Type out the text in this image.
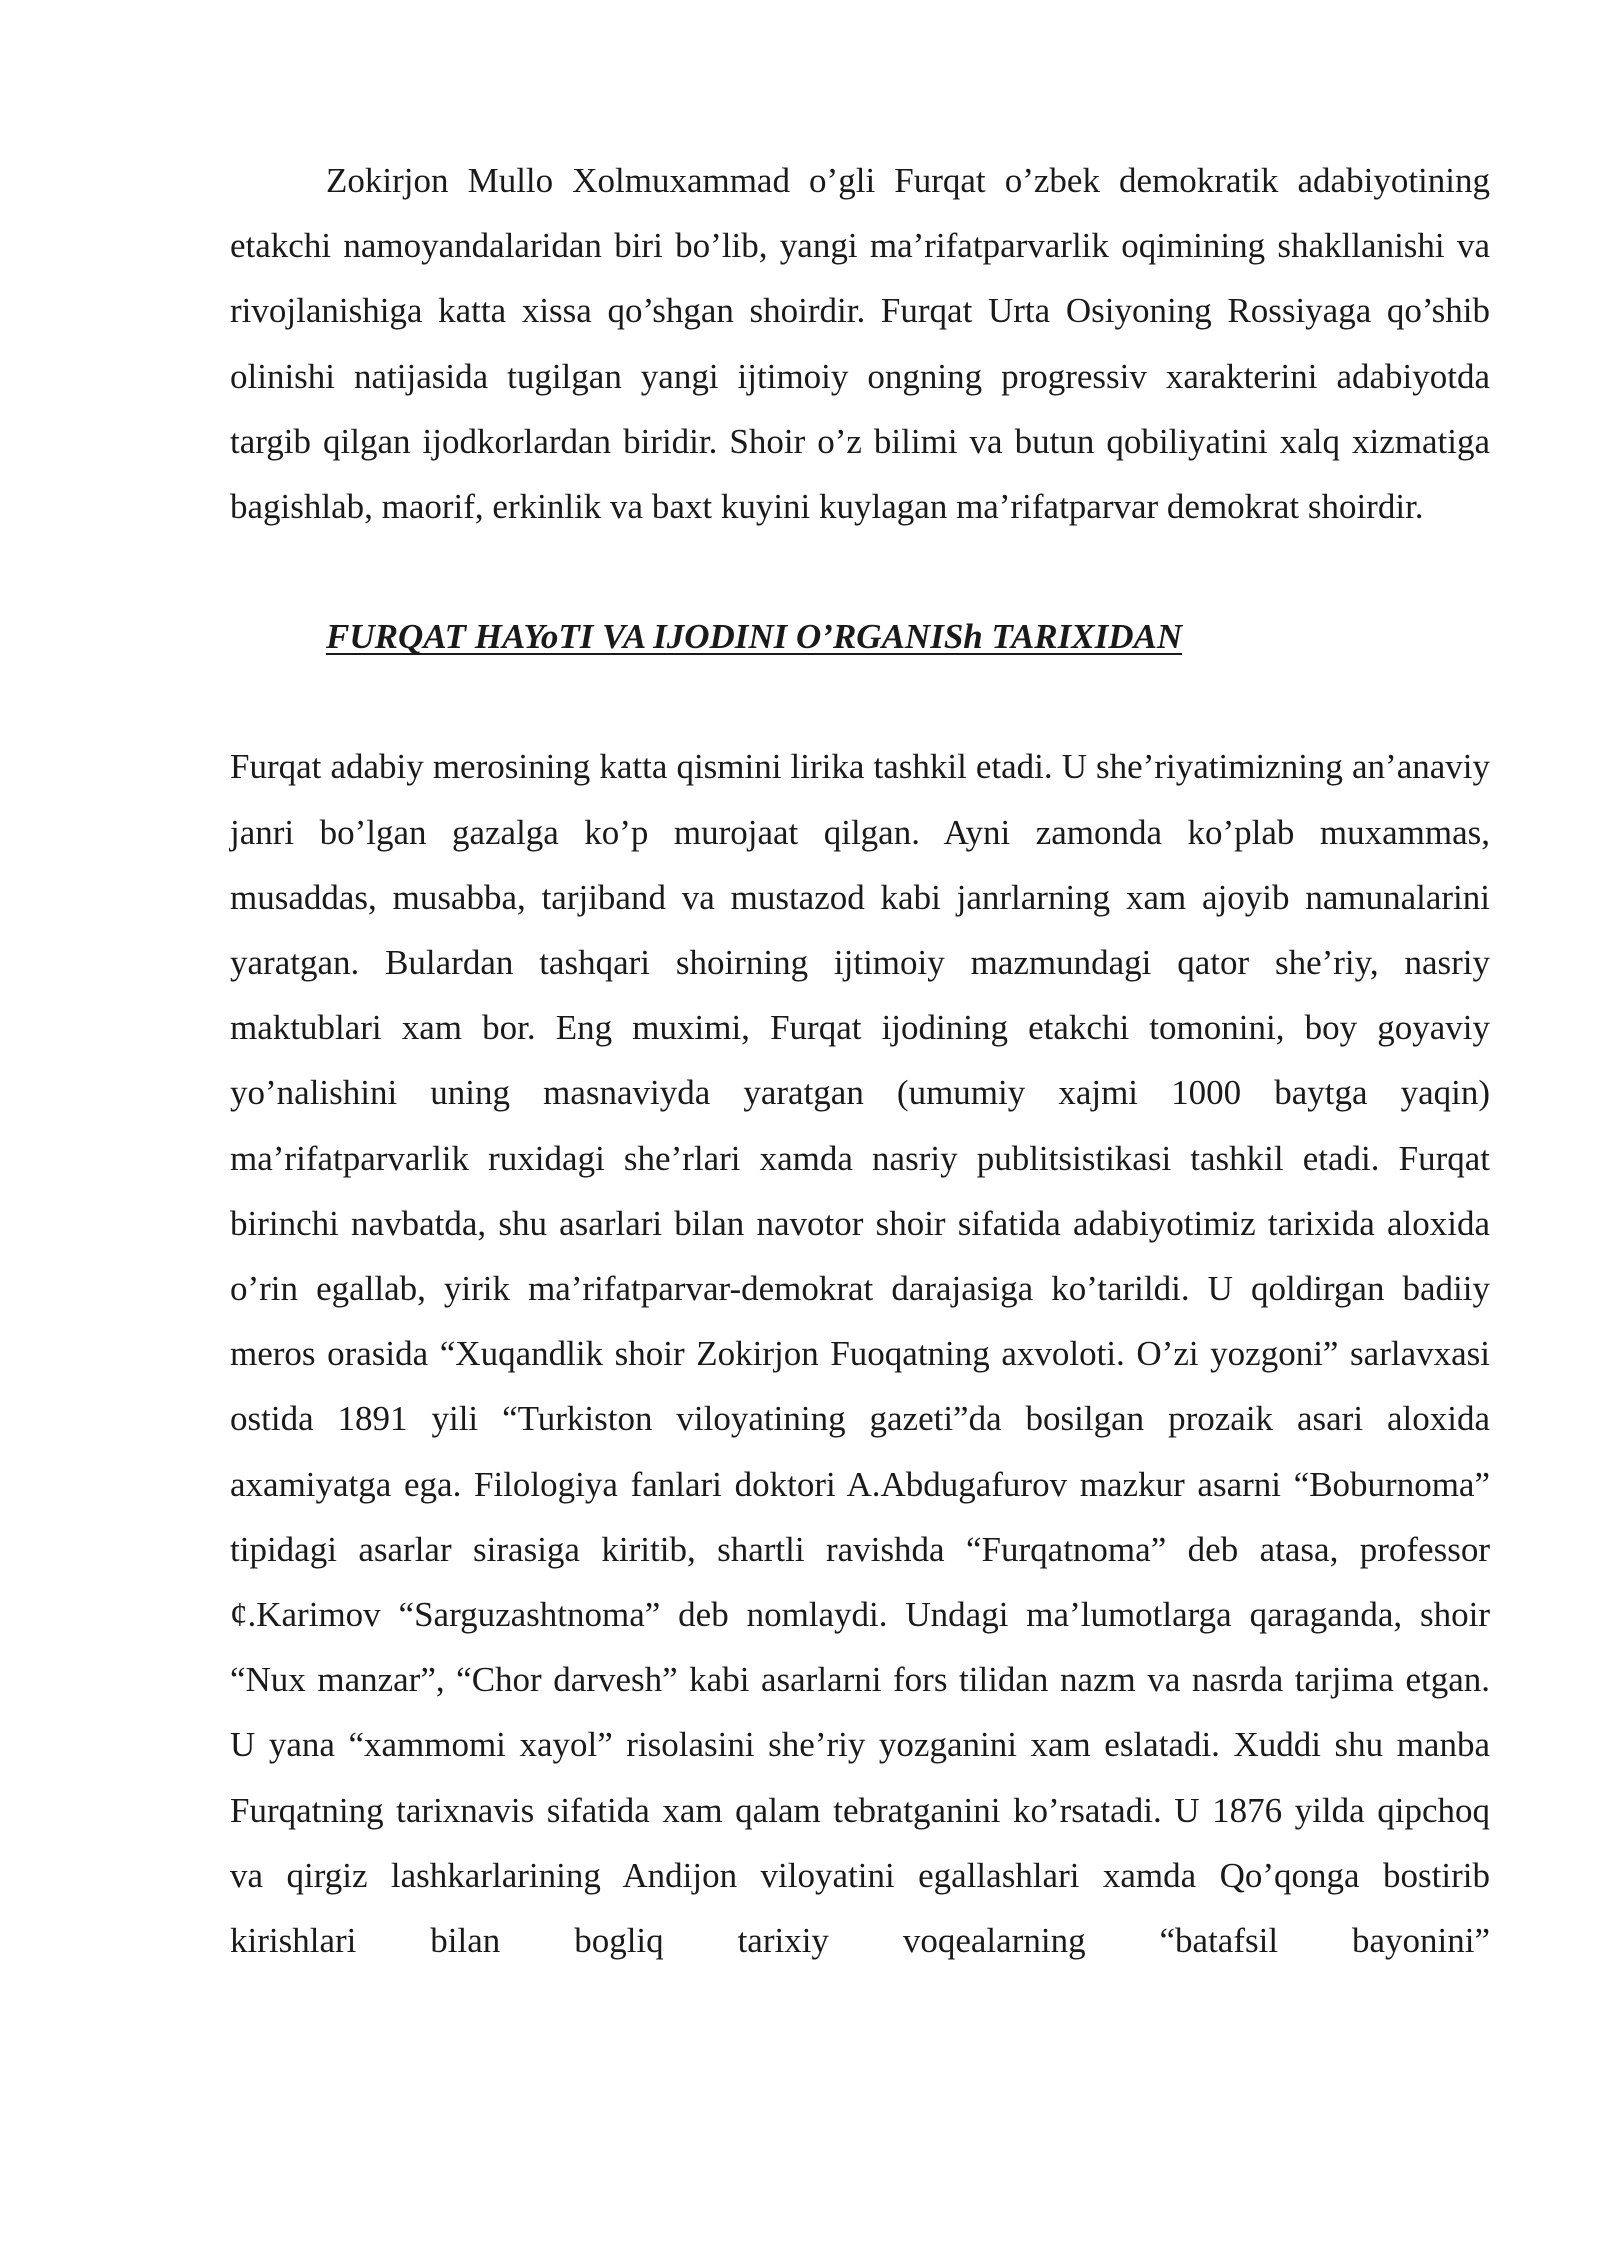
Zokirjon Mullo Xolmuxammad o’gli Furqat o’zbek demokratik adabiyotining etakchi namoyandalaridan biri bo’lib, yangi ma’rifatparvarlik oqimining shakllanishi va rivojlanishiga katta xissa qo’shgan shoirdir. Furqat Urta Osiyoning Rossiyaga qo’shib olinishi natijasida tugilgan yangi ijtimoiy ongning progressiv xarakterini adabiyotda targib qilgan ijodkorlardan biridir. Shoir o’z bilimi va butun qobiliyatini xalq xizmatiga bagishlab, maorif, erkinlik va baxt kuyini kuylagan ma’rifatparvar demokrat shoirdir.

FURQAT HAYoTI VA IJODINI O’RGANISh TARIXIDAN

Furqat adabiy merosining katta qismini lirika tashkil etadi. U she’riyatimizning an’anaviy janri bo’lgan gazalga ko’p murojaat qilgan. Ayni zamonda ko’plab muxammas, musaddas, musabba, tarjiband va mustazod kabi janrlarning xam ajoyib namunalarini yaratgan. Bulardan tashqari shoirning ijtimoiy mazmundagi qator she’riy, nasriy maktublari xam bor. Eng muximi, Furqat ijodining etakchi tomonini, boy goyaviy yo’nalishini uning masnaviyda yaratgan (umumiy xajmi 1000 baytga yaqin) ma’rifatparvarlik ruxidagi she’rlari xamda nasriy publitsistikasi tashkil etadi. Furqat birinchi navbatda, shu asarlari bilan navotor shoir sifatida adabiyotimiz tarixida aloxida o’rin egallab, yirik ma’rifatparvar-demokrat darajasiga ko’tarildi. U qoldirgan badiiy meros orasida “Xuqandlik shoir Zokirjon Fuoqatning axvoloti. O’zi yozgoni” sarlavxasi ostida 1891 yili “Turkiston viloyatining gazeti”da bosilgan prozaik asari aloxida axamiyatga ega. Filologiya fanlari doktori A.Abdugafurov mazkur asarni “Boburnoma” tipidagi asarlar sirasiga kiritib, shartli ravishda “Furqatnoma” deb atasa, professor ¢.Karimov “Sarguzashtnoma” deb nomlaydi. Undagi ma’lumotlarga qaraganda, shoir “Nux manzar”, “Chor darvesh” kabi asarlarni fors tilidan nazm va nasrda tarjima etgan. U yana “xammomi xayol” risolasini she’riy yozganini xam eslatadi. Xuddi shu manba Furqatning tarixnavis sifatida xam qalam tebratganini ko’rsatadi. U 1876 yilda qipchoq va qirgiz lashkarlarining Andijon viloyatini egallashlari xamda Qo’qonga bostirib kirishlari bilan bogliq tarixiy voqealarning “batafsil bayonini”
